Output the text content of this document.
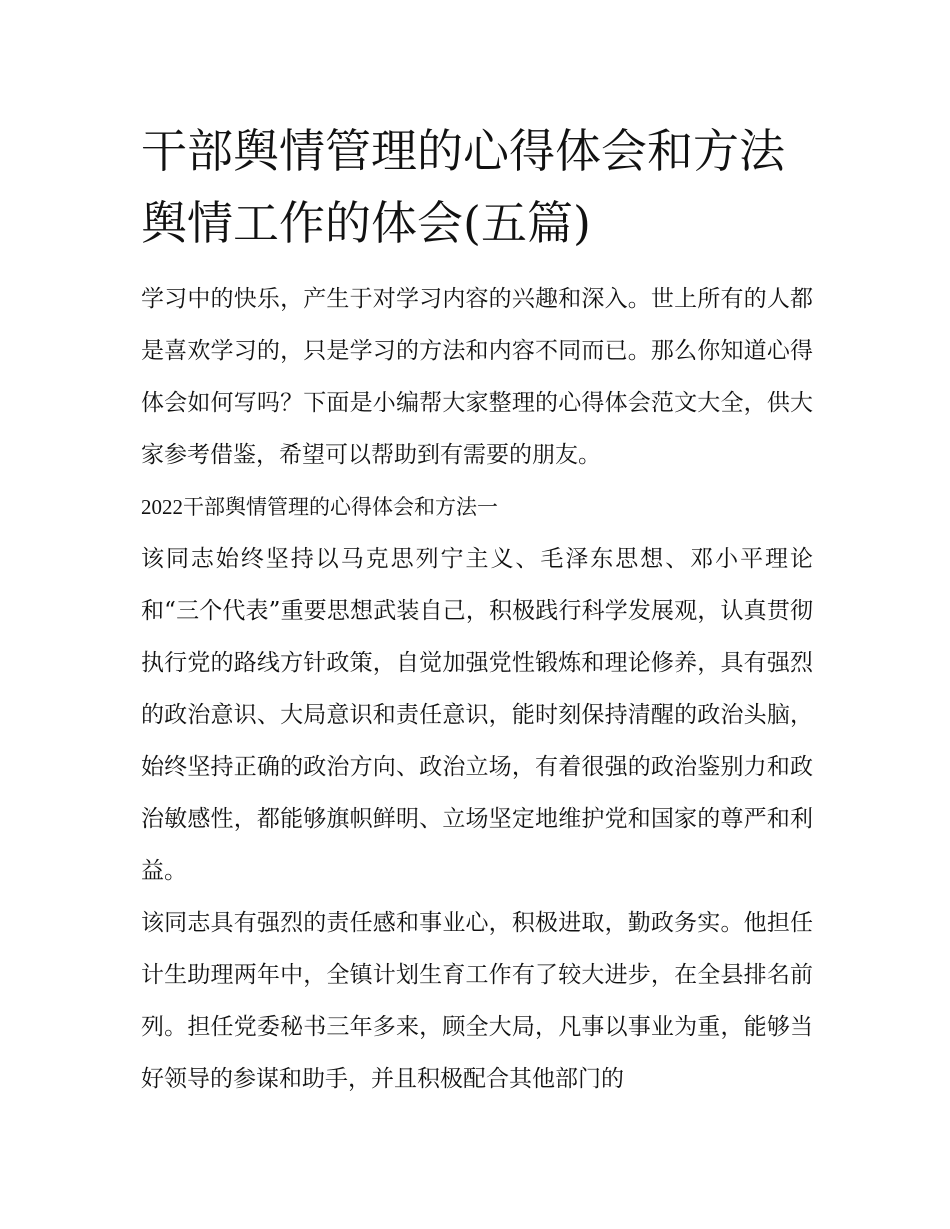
干部舆情管理的心得体会和方法 舆情工作的体会(五篇)

学习中的快乐，产生于对学习内容的兴趣和深入。世上所有的人都是喜欢学习的，只是学习的方法和内容不同而已。那么你知道心得体会如何写吗？下面是小编帮大家整理的心得体会范文大全，供大家参考借鉴，希望可以帮助到有需要的朋友。

2022干部舆情管理的心得体会和方法一

该同志始终坚持以马克思列宁主义、毛泽东思想、邓小平理论和“三个代表”重要思想武装自己，积极践行科学发展观，认真贯彻执行党的路线方针政策，自觉加强党性锻炼和理论修养，具有强烈的政治意识、大局意识和责任意识，能时刻保持清醒的政治头脑，始终坚持正确的政治方向、政治立场，有着很强的政治鉴别力和政治敏感性，都能够旗帜鲜明、立场坚定地维护党和国家的尊严和利益。

该同志具有强烈的责任感和事业心，积极进取，勤政务实。他担任计生助理两年中，全镇计划生育工作有了较大进步，在全县排名前列。担任党委秘书三年多来，顾全大局，凡事以事业为重，能够当好领导的参谋和助手，并且积极配合其他部门的
